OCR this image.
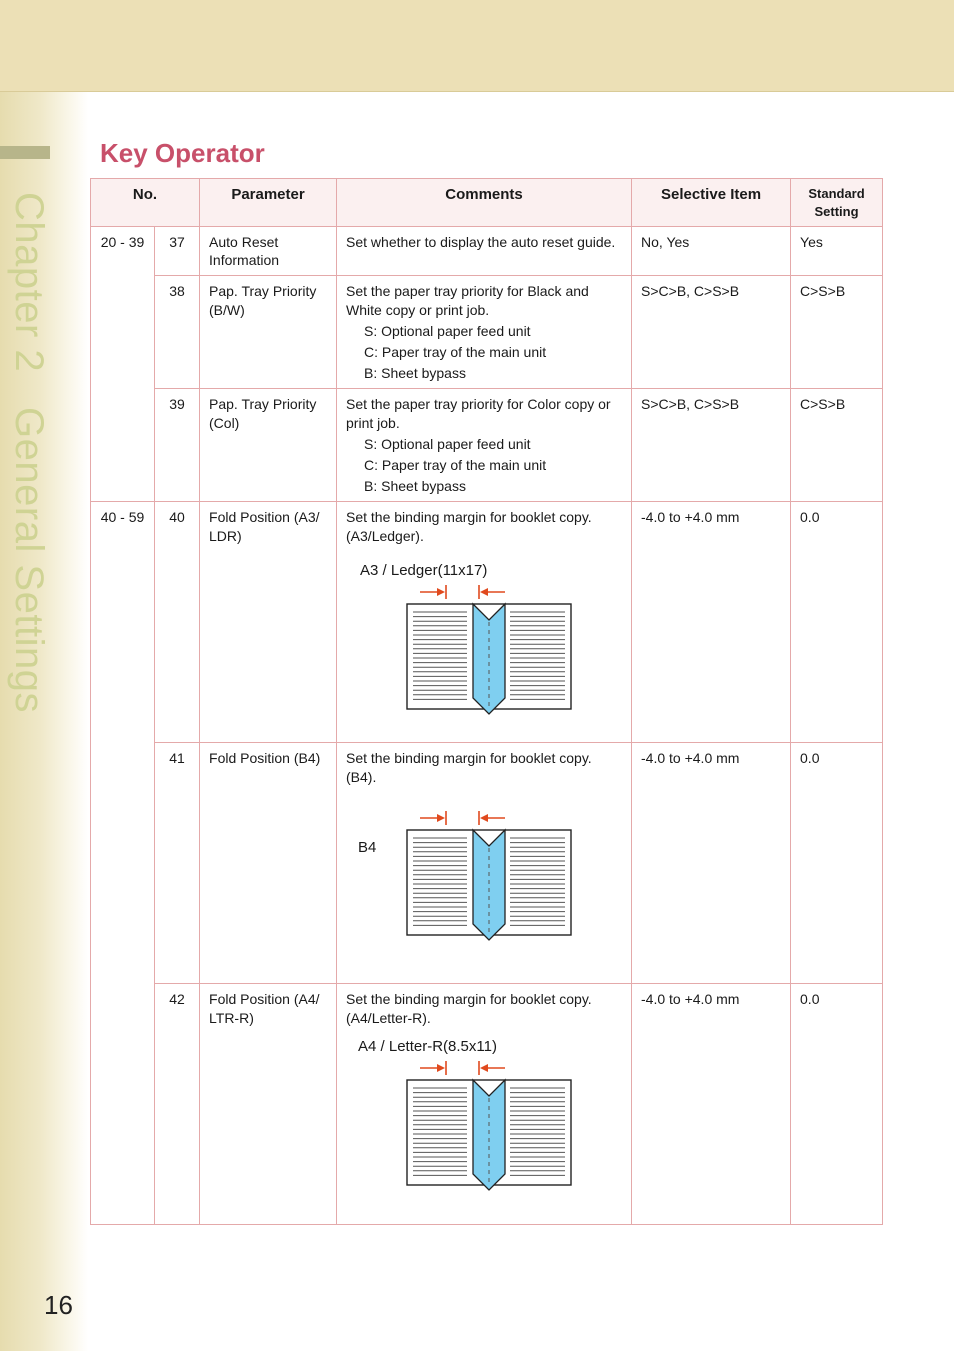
Chapter 2   General Settings
16
Key Operator
No.		Parameter	Comments	Selective Item	Standard
Setting
20 - 39	37	Auto Reset Information	Set whether to display the auto reset guide.	No, Yes	Yes
	38	Pap. Tray Priority (B/W)	Set the paper tray priority for Black and White copy or print job.
S: Optional paper feed unit
C: Paper tray of the main unit
B: Sheet bypass	S>C>B, C>S>B	C>S>B
	39	Pap. Tray Priority (Col)	Set the paper tray priority for Color copy or print job.
S: Optional paper feed unit
C: Paper tray of the main unit
B: Sheet bypass	S>C>B, C>S>B	C>S>B
40 - 59	40	Fold Position (A3/ LDR)	Set the binding margin for booklet copy. (A3/Ledger).
A3 / Ledger(11x17)	-4.0 to +4.0 mm	0.0
	41	Fold Position (B4)	Set the binding margin for booklet copy. (B4).
B4	-4.0 to +4.0 mm	0.0
	42	Fold Position (A4/ LTR-R)	Set the binding margin for booklet copy. (A4/Letter-R).
A4 / Letter-R(8.5x11)	-4.0 to +4.0 mm	0.0
